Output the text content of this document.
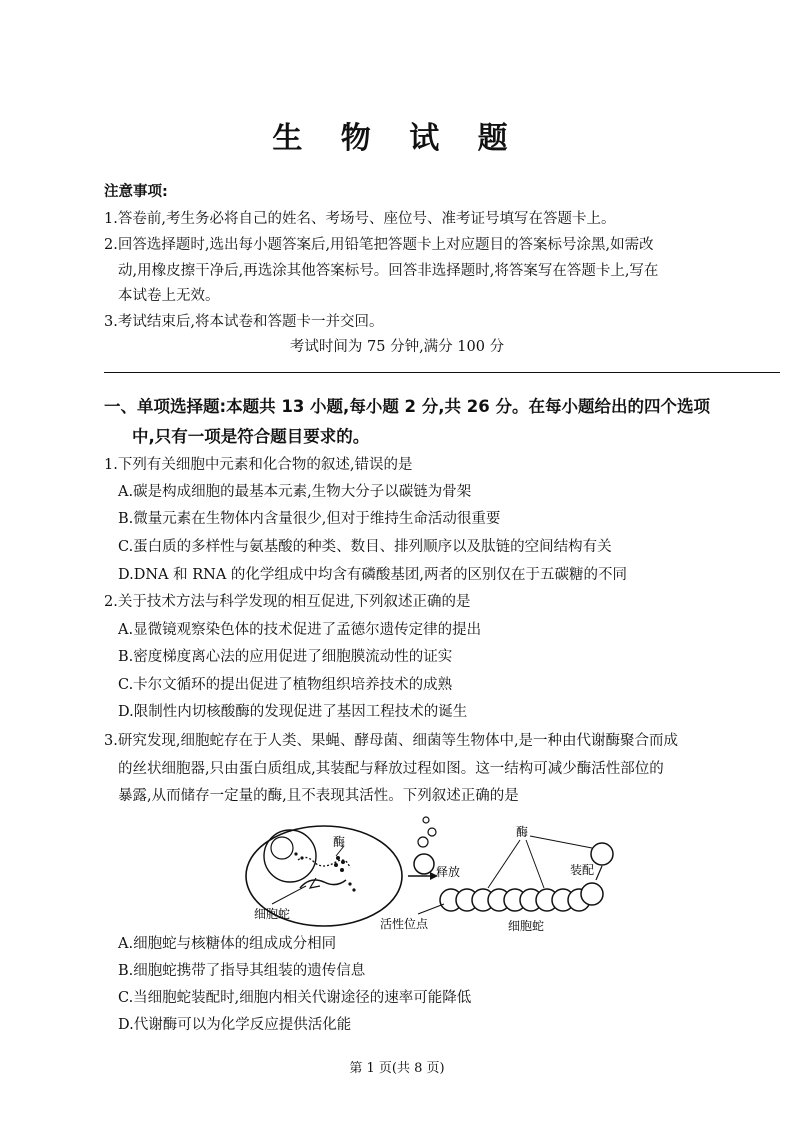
生 物 试 题
注意事项:
1.答卷前,考生务必将自己的姓名、考场号、座位号、准考证号填写在答题卡上。
2.回答选择题时,选出每小题答案后,用铅笔把答题卡上对应题目的答案标号涂黑,如需改
动,用橡皮擦干净后,再选涂其他答案标号。回答非选择题时,将答案写在答题卡上,写在
本试卷上无效。
3.考试结束后,将本试卷和答题卡一并交回。
考试时间为 75 分钟,满分 100 分
一、单项选择题:本题共 13 小题,每小题 2 分,共 26 分。在每小题给出的四个选项
中,只有一项是符合题目要求的。
1.下列有关细胞中元素和化合物的叙述,错误的是
A.碳是构成细胞的最基本元素,生物大分子以碳链为骨架
B.微量元素在生物体内含量很少,但对于维持生命活动很重要
C.蛋白质的多样性与氨基酸的种类、数目、排列顺序以及肽链的空间结构有关
D.DNA 和 RNA 的化学组成中均含有磷酸基团,两者的区别仅在于五碳糖的不同
2.关于技术方法与科学发现的相互促进,下列叙述正确的是
A.显微镜观察染色体的技术促进了孟德尔遗传定律的提出
B.密度梯度离心法的应用促进了细胞膜流动性的证实
C.卡尔文循环的提出促进了植物组织培养技术的成熟
D.限制性内切核酸酶的发现促进了基因工程技术的诞生
3.研究发现,细胞蛇存在于人类、果蝇、酵母菌、细菌等生物体中,是一种由代谢酶聚合而成
的丝状细胞器,只由蛋白质组成,其装配与释放过程如图。这一结构可减少酶活性部位的
暴露,从而储存一定量的酶,且不表现其活性。下列叙述正确的是
酶
细胞蛇
释放	装配
酶
活性位点	细胞蛇
A.细胞蛇与核糖体的组成成分相同
B.细胞蛇携带了指导其组装的遗传信息
C.当细胞蛇装配时,细胞内相关代谢途径的速率可能降低
D.代谢酶可以为化学反应提供活化能
第 1 页(共 8 页)
